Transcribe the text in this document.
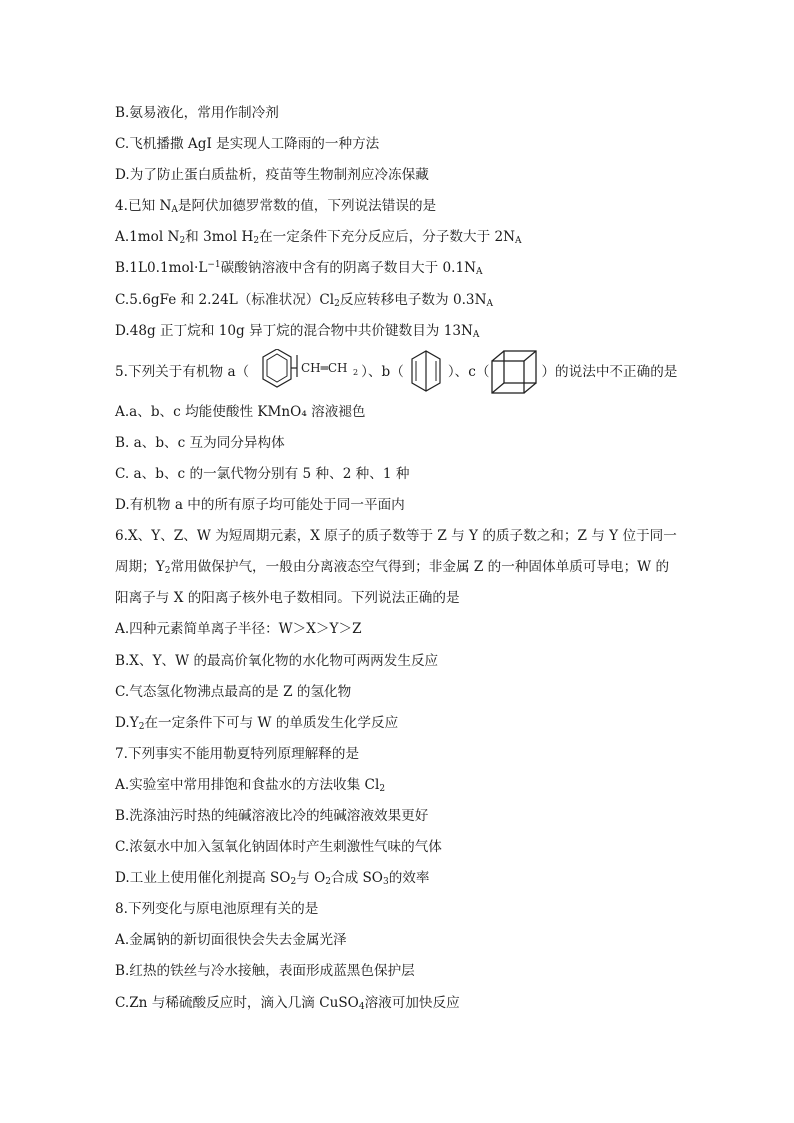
B.氨易液化，常用作制冷剂
C.飞机播撒 AgI 是实现人工降雨的一种方法
D.为了防止蛋白质盐析，疫苗等生物制剂应冷冻保藏
4.已知 $N_A$是阿伏加德罗常数的值，下列说法错误的是
A.1mol $N_2$和 3mol $H_2$在一定条件下充分反应后，分子数大于 $2N_A$
$B.1L0.1mol\cdot L^{-1}$碳酸钠溶液中含有的阴离子数目大于 $0.1N_A$
C.5.6gFe 和 2.24L（标准状况）$Cl_2$反应转移电子数为 $0.3N_A$
D.48g 正丁烷和 10g 异丁烷的混合物中共价键数目为 $13N_A$
5.下列关于有机物 a（	CH═CH 2 ）、b（	）、c（	）的说法中不正确的是
A.a、b、c 均能使酸性 KMnO₄ 溶液褪色
B. a、b、c 互为同分异构体
C. a、b、c 的一氯代物分别有 5 种、2 种、1 种
D.有机物 a 中的所有原子均可能处于同一平面内
6.X、Y、Z、W 为短周期元素，X 原子的质子数等于 Z 与 Y 的质子数之和；Z 与 Y 位于同一
周期；$Y_2$常用做保护气，一般由分离液态空气得到；非金属 Z 的一种固体单质可导电；W 的
阳离子与 X 的阳离子核外电子数相同。下列说法正确的是
A.四种元素简单离子半径：W＞X＞Y＞Z
B.X、Y、W 的最高价氧化物的水化物可两两发生反应
C.气态氢化物沸点最高的是 Z 的氢化物
$D.Y_2$在一定条件下可与 W 的单质发生化学反应
7.下列事实不能用勒夏特列原理解释的是
A.实验室中常用排饱和食盐水的方法收集 $Cl_2$
B.洗涤油污时热的纯碱溶液比冷的纯碱溶液效果更好
C.浓氨水中加入氢氧化钠固体时产生刺激性气味的气体
D.工业上使用催化剂提高 $SO_2$与 $O_2$合成 $SO_3$的效率
8.下列变化与原电池原理有关的是
A.金属钠的新切面很快会失去金属光泽
B.红热的铁丝与冷水接触，表面形成蓝黑色保护层
C.Zn 与稀硫酸反应时，滴入几滴 CuSO$_4$溶液可加快反应
